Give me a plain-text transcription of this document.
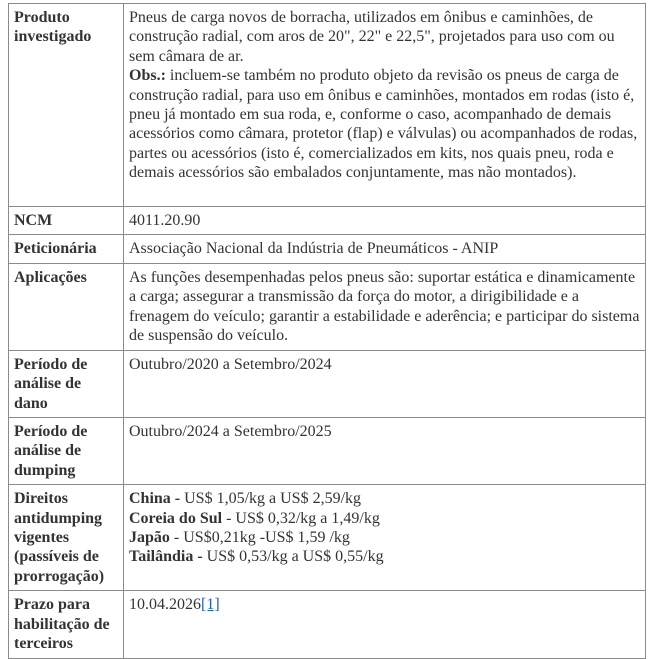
Produto investigado	Pneus de carga novos de borracha, utilizados em ônibus e caminhões, de construção radial, com aros de 20", 22" e 22,5", projetados para uso com ou sem câmara de ar.
Obs.: incluem-se também no produto objeto da revisão os pneus de carga de construção radial, para uso em ônibus e caminhões, montados em rodas (isto é, pneu já montado em sua roda, e, conforme o caso, acompanhado de demais acessórios como câmara, protetor (flap) e válvulas) ou acompanhados de rodas, partes ou acessórios (isto é, comercializados em kits, nos quais pneu, roda e demais acessórios são embalados conjuntamente, mas não montados).
NCM	4011.20.90
Peticionária	Associação Nacional da Indústria de Pneumáticos - ANIP
Aplicações	As funções desempenhadas pelos pneus são: suportar estática e dinamicamente a carga; assegurar a transmissão da força do motor, a dirigibilidade e a frenagem do veículo; garantir a estabilidade e aderência; e participar do sistema de suspensão do veículo.
Período de análise de dano	Outubro/2020 a Setembro/2024
Período de análise de dumping	Outubro/2024 a Setembro/2025
Direitos antidumping vigentes (passíveis de prorrogação)	China - US$ 1,05/kg a US$ 2,59/kg
Coreia do Sul - US$ 0,32/kg a 1,49/kg
Japão - US$0,21kg -US$ 1,59 /kg
Tailândia - US$ 0,53/kg a US$ 0,55/kg

Prazo para habilitação de terceiros	10.04.2026[1]
